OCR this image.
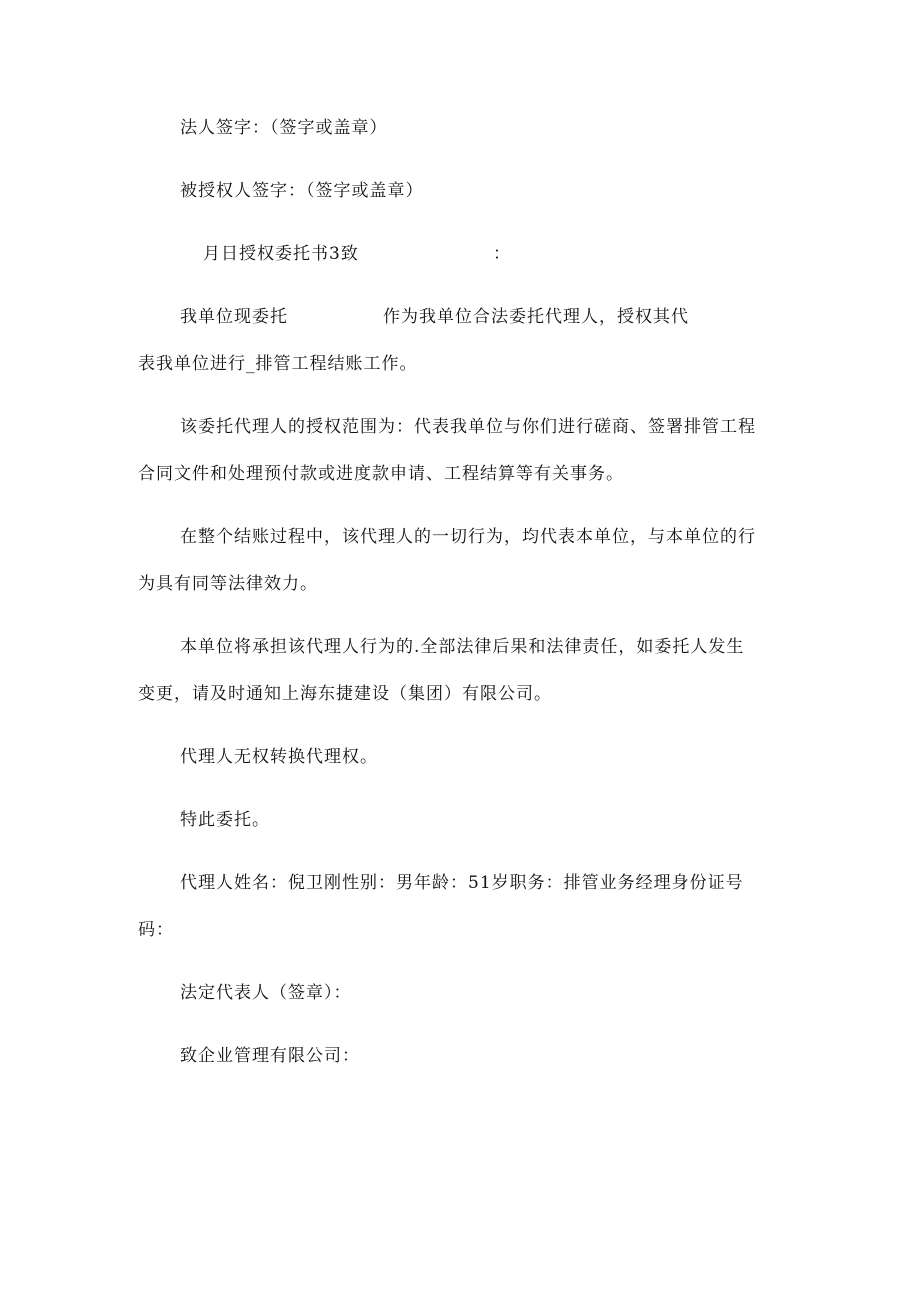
法人签字：（签字或盖章）
被授权人签字：（签字或盖章）
月日授权委托书3致	：
我单位现委托	作为我单位合法委托代理人，授权其代
表我单位进行_排管工程结账工作。
该委托代理人的授权范围为：代表我单位与你们进行磋商、签署排管工程
合同文件和处理预付款或进度款申请、工程结算等有关事务。
在整个结账过程中，该代理人的一切行为，均代表本单位，与本单位的行
为具有同等法律效力。
本单位将承担该代理人行为的.全部法律后果和法律责任，如委托人发生
变更，请及时通知上海东捷建设（集团）有限公司。
代理人无权转换代理权。
特此委托。
代理人姓名：倪卫刚性别：男年龄：51岁职务：排管业务经理身份证号
码：
法定代表人（签章）：
致企业管理有限公司：
